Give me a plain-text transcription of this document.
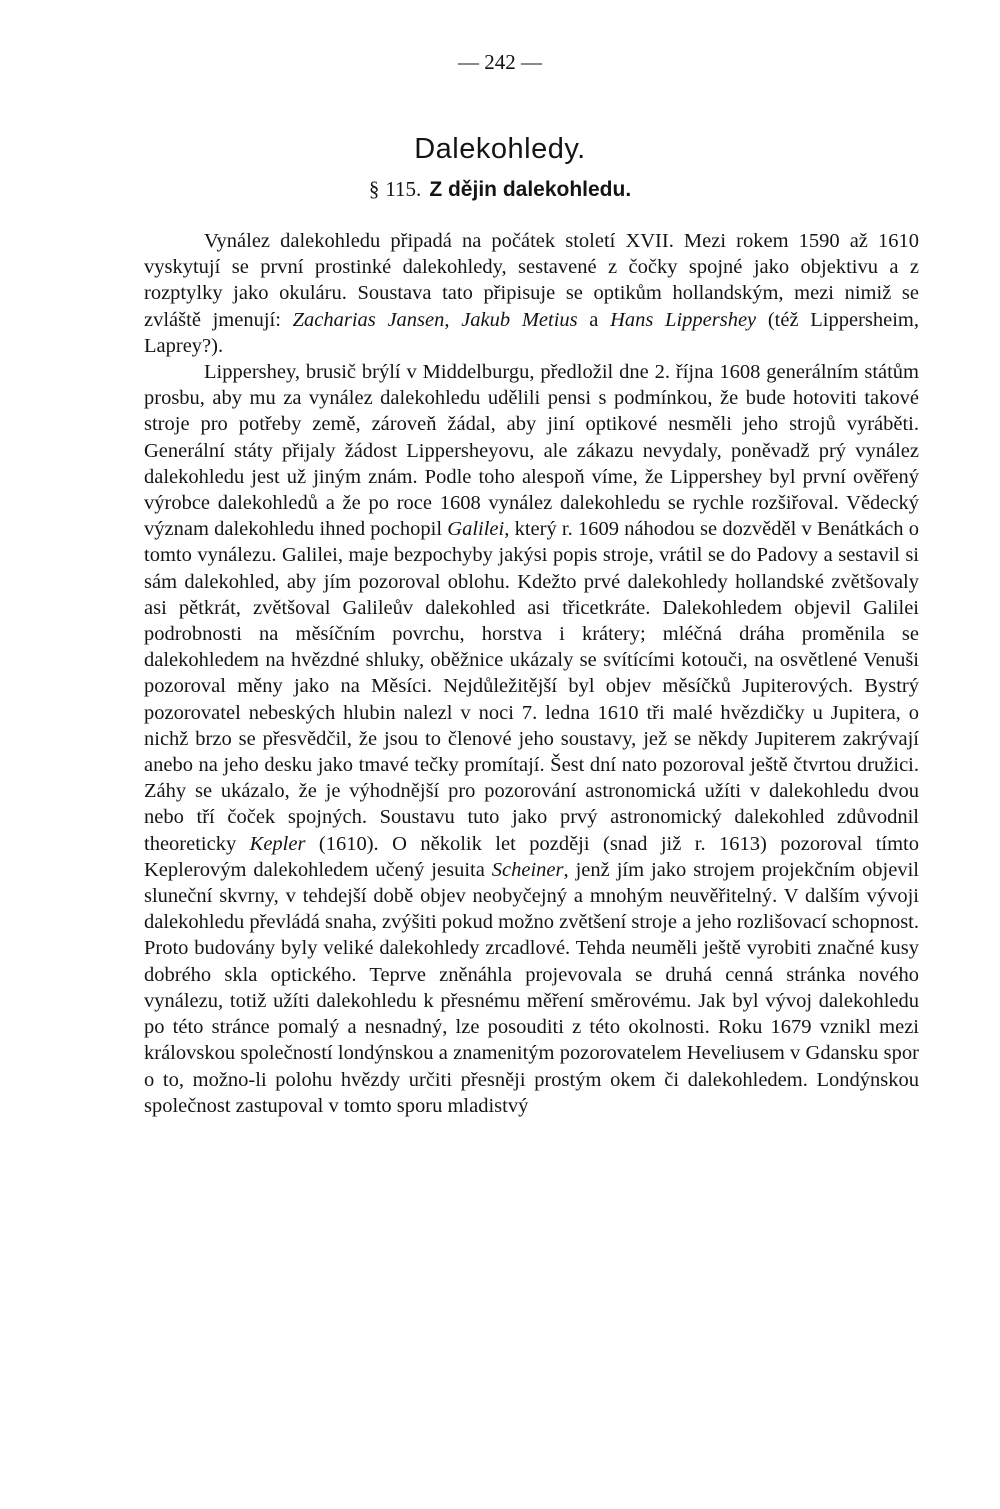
— 242 —
Dalekohledy.
§ 115. Z dějin dalekohledu.

Vynález dalekohledu připadá na počátek století XVII. Mezi rokem 1590 až 1610 vyskytují se první prostinké dalekohledy, sestavené z čočky spojné jako objektivu a z rozptylky jako okuláru. Soustava tato připisuje se optikům hollandským, mezi nimiž se zvláště jmenují: Zacharias Jansen, Jakub Metius a Hans Lippershey (též Lippersheim, Laprey?).

Lippershey, brusič brýlí v Middelburgu, předložil dne 2. října 1608 generálním státům prosbu, aby mu za vynález dalekohledu udělili pensi s podmínkou, že bude hotoviti takové stroje pro potřeby země, zároveň žádal, aby jiní optikové nesměli jeho strojů vyráběti. Generální státy přijaly žádost Lippersheyovu, ale zákazu nevydaly, poněvadž prý vynález dalekohledu jest už jiným znám. Podle toho alespoň víme, že Lippershey byl první ověřený výrobce dalekohledů a že po roce 1608 vynález dalekohledu se rychle rozšiřoval. Vědecký význam dalekohledu ihned pochopil Galilei, který r. 1609 náhodou se dozvěděl v Benátkách o tomto vynálezu. Galilei, maje bezpochyby jakýsi popis stroje, vrátil se do Padovy a sestavil si sám dalekohled, aby jím pozoroval oblohu. Kdežto prvé dalekohledy hollandské zvětšovaly asi pětkrát, zvětšoval Galileův dalekohled asi třicetkráte. Dalekohledem objevil Galilei podrobnosti na měsíčním povrchu, horstva i krátery; mléčná dráha proměnila se dalekohledem na hvězdné shluky, oběžnice ukázaly se svítícími kotouči, na osvětlené Venuši pozoroval měny jako na Měsíci. Nejdůležitější byl objev měsíčků Jupiterových. Bystrý pozorovatel nebeských hlubin nalezl v noci 7. ledna 1610 tři malé hvězdičky u Jupitera, o nichž brzo se přesvědčil, že jsou to členové jeho soustavy, jež se někdy Jupiterem zakrývají anebo na jeho desku jako tmavé tečky promítají. Šest dní nato pozoroval ještě čtvrtou družici. Záhy se ukázalo, že je výhodnější pro pozorování astronomická užíti v dalekohledu dvou nebo tří čoček spojných. Soustavu tuto jako prvý astronomický dalekohled zdůvodnil theoreticky Kepler (1610). O několik let později (snad již r. 1613) pozoroval tímto Keplerovým dalekohledem učený jesuita Scheiner, jenž jím jako strojem projekčním objevil sluneční skvrny, v tehdejší době objev neobyčejný a mnohým neuvěřitelný. V dalším vývoji dalekohledu převládá snaha, zvýšiti pokud možno zvětšení stroje a jeho rozlišovací schopnost. Proto budovány byly veliké dalekohledy zrcadlové. Tehda neuměli ještě vyrobiti značné kusy dobrého skla optického. Teprve zněnáhla projevovala se druhá cenná stránka nového vynálezu, totiž užíti dalekohledu k přesnému měření směrovému. Jak byl vývoj dalekohledu po této stránce pomalý a nesnadný, lze posouditi z této okolnosti. Roku 1679 vznikl mezi královskou společností londýnskou a znamenitým pozorovatelem Heveliusem v Gdansku spor o to, možno-li polohu hvězdy určiti přesněji prostým okem či dalekohledem. Londýnskou společnost zastupoval v tomto sporu mladistvý
